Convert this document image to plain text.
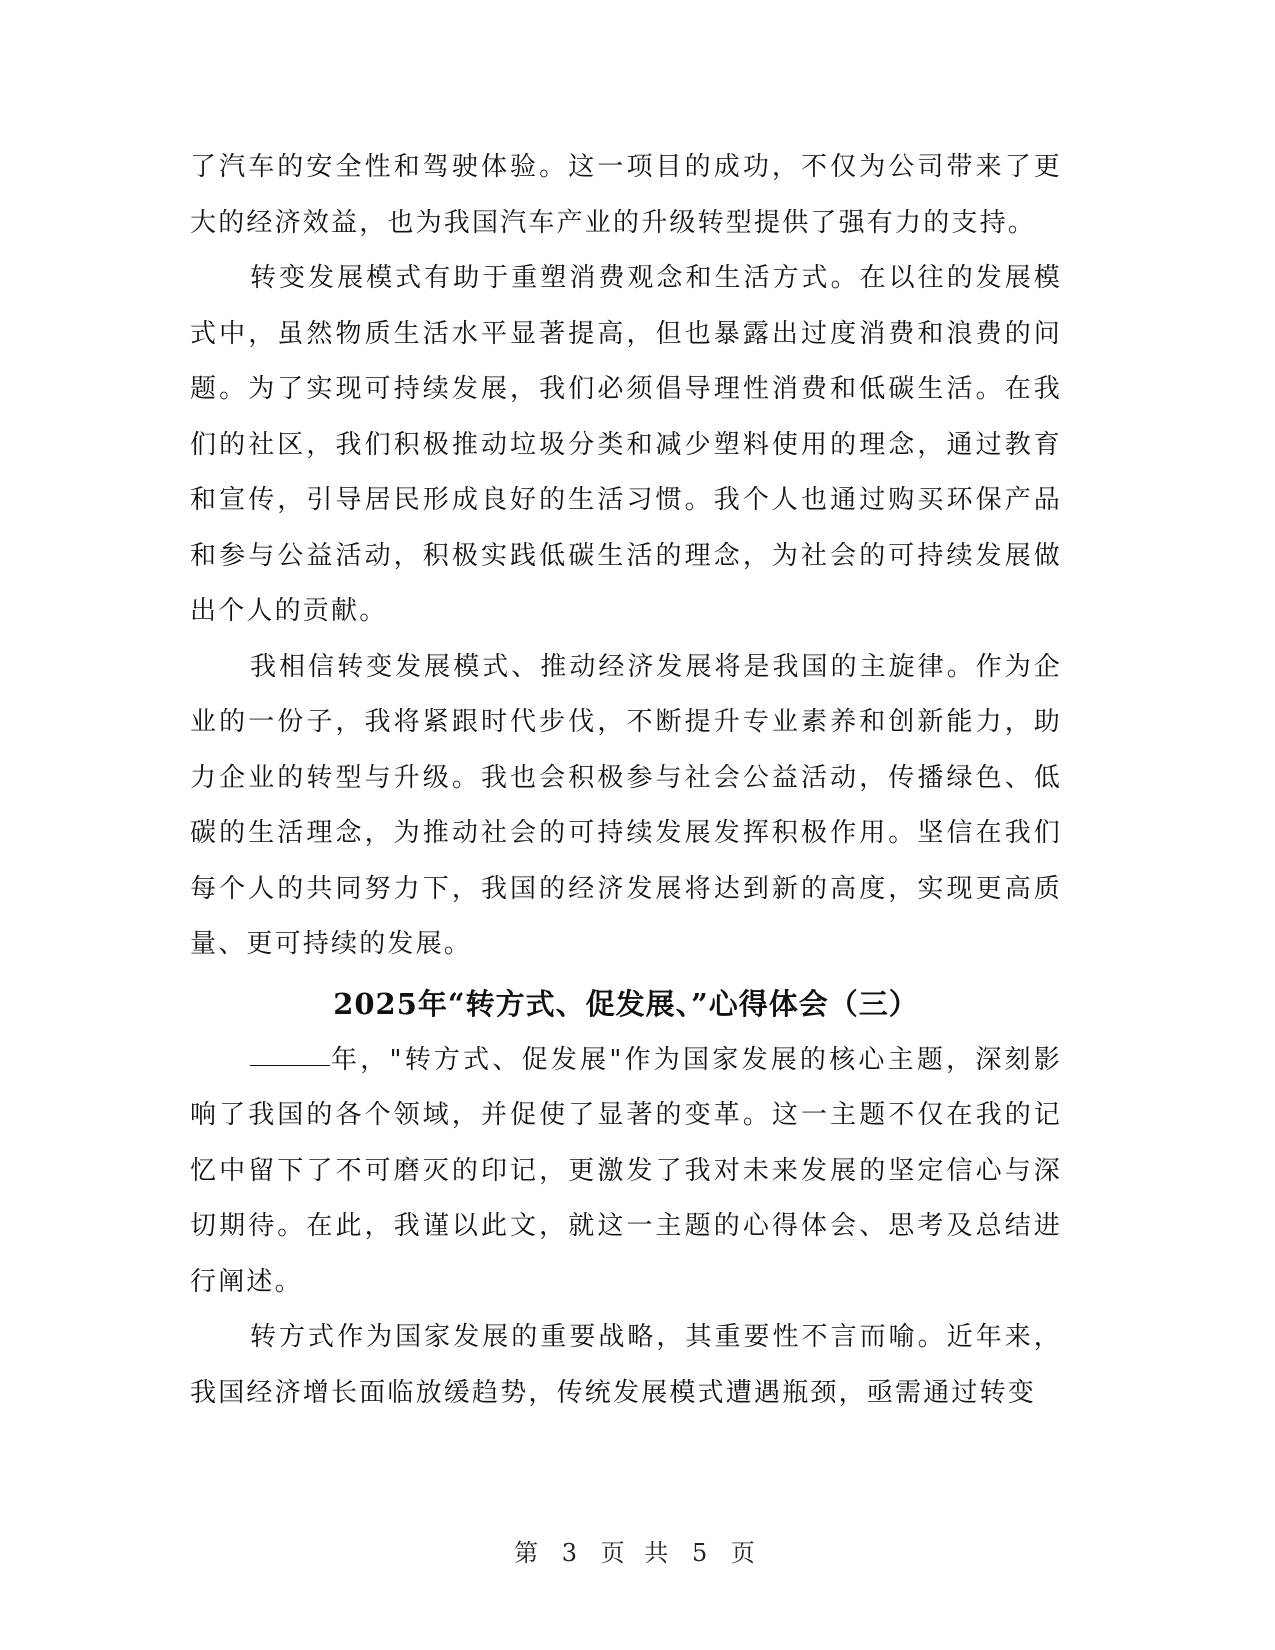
了汽车的安全性和驾驶体验。这一项目的成功，不仅为公司带来了更大的经济效益，也为我国汽车产业的升级转型提供了强有力的支持。

转变发展模式有助于重塑消费观念和生活方式。在以往的发展模式中，虽然物质生活水平显著提高，但也暴露出过度消费和浪费的问题。为了实现可持续发展，我们必须倡导理性消费和低碳生活。在我们的社区，我们积极推动垃圾分类和减少塑料使用的理念，通过教育和宣传，引导居民形成良好的生活习惯。我个人也通过购买环保产品和参与公益活动，积极实践低碳生活的理念，为社会的可持续发展做出个人的贡献。

我相信转变发展模式、推动经济发展将是我国的主旋律。作为企业的一份子，我将紧跟时代步伐，不断提升专业素养和创新能力，助力企业的转型与升级。我也会积极参与社会公益活动，传播绿色、低碳的生活理念，为推动社会的可持续发展发挥积极作用。坚信在我们每个人的共同努力下，我国的经济发展将达到新的高度，实现更高质量、更可持续的发展。

2025年“转方式、促发展、”心得体会（三）

年，"转方式、促发展"作为国家发展的核心主题，深刻影响了我国的各个领域，并促使了显著的变革。这一主题不仅在我的记忆中留下了不可磨灭的印记，更激发了我对未来发展的坚定信心与深切期待。在此，我谨以此文，就这一主题的心得体会、思考及总结进行阐述。

转方式作为国家发展的重要战略，其重要性不言而喻。近年来，我国经济增长面临放缓趋势，传统发展模式遭遇瓶颈，亟需通过转变

第 3 页 共 5 页
